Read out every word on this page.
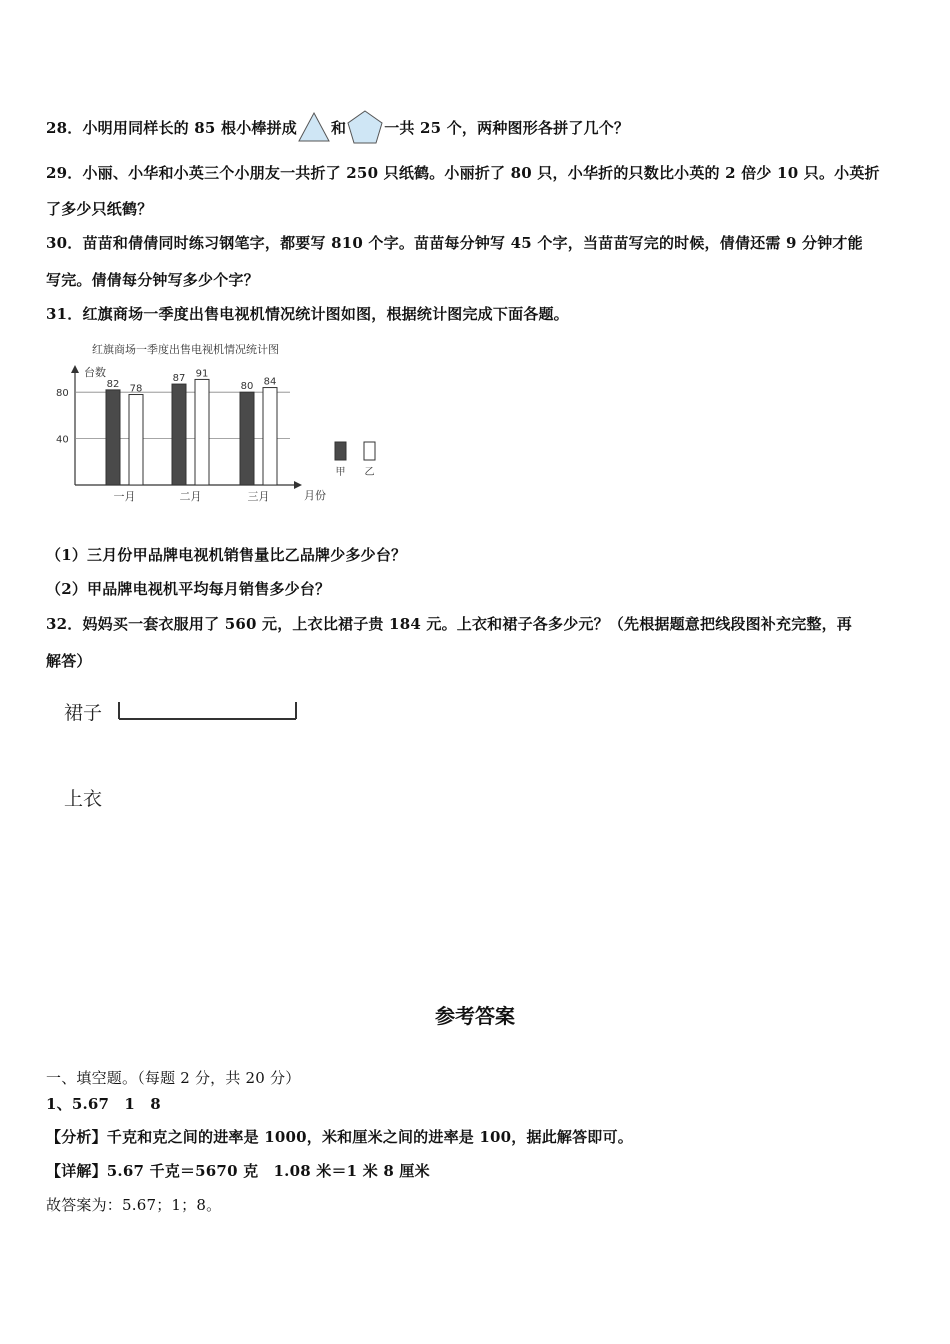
28．小明用同样长的 85 根小棒拼成 和	一共 25 个，两种图形各拼了几个？
29．小丽、小华和小英三个小朋友一共折了 250 只纸鹤。小丽折了 80 只，小华折的只数比小英的 2 倍少 10 只。小英折
了多少只纸鹤？
30．苗苗和倩倩同时练习钢笔字，都要写 810 个字。苗苗每分钟写 45 个字，当苗苗写完的时候，倩倩还需 9 分钟才能
写完。倩倩每分钟写多少个字？
31．红旗商场一季度出售电视机情况统计图如图，根据统计图完成下面各题。
红旗商场一季度出售电视机情况统计图
台数
月份
40
80
82 78
一月
87 91
二月
80 84
三月
甲 乙
（1）三月份甲品牌电视机销售量比乙品牌少多少台？
（2）甲品牌电视机平均每月销售多少台？
32．妈妈买一套衣服用了 560 元，上衣比裙子贵 184 元。上衣和裙子各多少元？（先根据题意把线段图补充完整，再
解答）
裙子
上衣
参考答案
一、填空题。（每题 2 分，共 20 分）
1、5.67　1　8
【分析】千克和克之间的进率是 1000，米和厘米之间的进率是 100，据此解答即可。
【详解】5.67 千克＝5670 克　1.08 米＝1 米 8 厘米
故答案为：5.67；1；8。
